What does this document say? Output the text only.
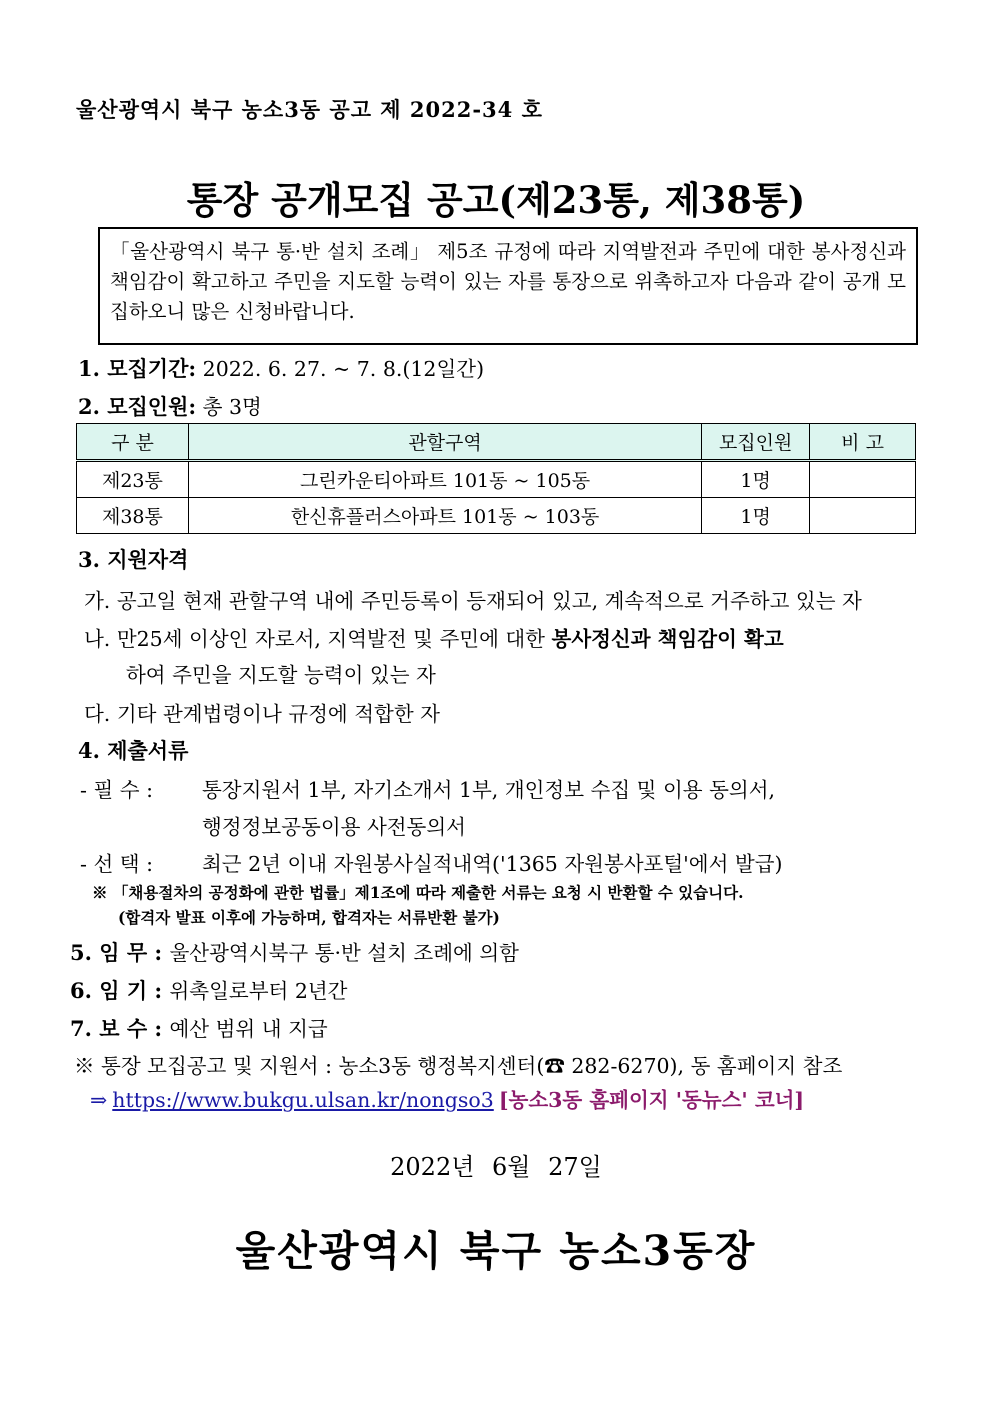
울산광역시 북구 농소3동 공고 제 2022-34 호
통장 공개모집 공고(제23통, 제38통)
「울산광역시 북구 통·반 설치 조례」 제5조 규정에 따라 지역발전과 주민에 대한 봉사정신과 책임감이 확고하고 주민을 지도할 능력이 있는 자를 통장으로 위촉하고자 다음과 같이 공개 모집하오니 많은 신청바랍니다.
1. 모집기간: 2022. 6. 27. ~ 7. 8.(12일간)
2. 모집인원: 총 3명
구 분	관할구역	모집인원	비 고
제23통	그린카운티아파트 101동 ~ 105동	1명	
제38통	한신휴플러스아파트 101동 ~ 103동	1명	
3. 지원자격
가. 공고일 현재 관할구역 내에 주민등록이 등재되어 있고, 계속적으로 거주하고 있는 자
나. 만25세 이상인 자로서, 지역발전 및 주민에 대한 봉사정신과 책임감이 확고
하여 주민을 지도할 능력이 있는 자
다. 기타 관계법령이나 규정에 적합한 자
4. 제출서류
- 필 수 : 통장지원서 1부, 자기소개서 1부, 개인정보 수집 및 이용 동의서,
행정정보공동이용 사전동의서
- 선 택 : 최근 2년 이내 자원봉사실적내역('1365 자원봉사포털'에서 발급)
※ 「채용절차의 공정화에 관한 법률」제1조에 따라 제출한 서류는 요청 시 반환할 수 있습니다.
(합격자 발표 이후에 가능하며, 합격자는 서류반환 불가)
5. 임 무 : 울산광역시북구 통·반 설치 조례에 의함
6. 임 기 : 위촉일로부터 2년간
7. 보 수 : 예산 범위 내 지급
※ 통장 모집공고 및 지원서 : 농소3동 행정복지센터(☎ 282-6270), 동 홈페이지 참조
⇒ https://www.bukgu.ulsan.kr/nongso3 [농소3동 홈페이지 '동뉴스' 코너]
2022년 6월 27일
울산광역시 북구 농소3동장
